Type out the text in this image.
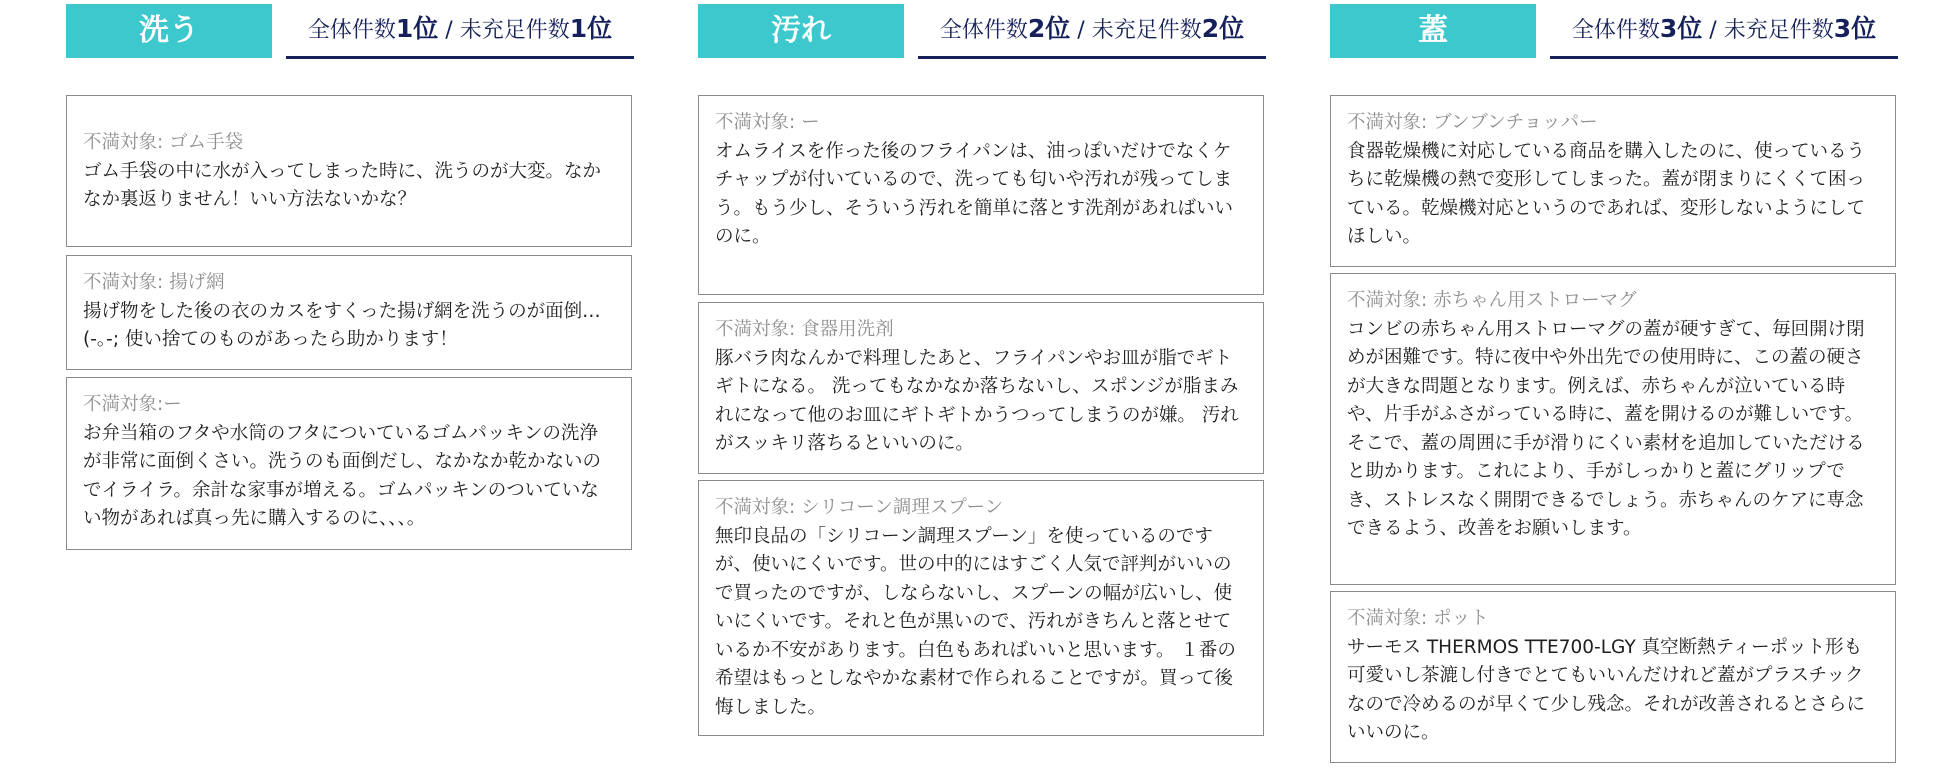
洗う	全体件数1位 / 未充足件数1位
不満対象: ゴム手袋
ゴム手袋の中に水が入ってしまった時に、洗うのが大変。なかなか裏返りません！いい方法ないかな？
不満対象: 揚げ網
揚げ物をした後の衣のカスをすくった揚げ網を洗うのが面倒…(-｡-; 使い捨てのものがあったら助かります！
不満対象:ー
お弁当箱のフタや水筒のフタについているゴムパッキンの洗浄が非常に面倒くさい。洗うのも面倒だし、なかなか乾かないのでイライラ。余計な家事が増える。ゴムパッキンのついていない物があれば真っ先に購入するのに、、、。
汚れ	全体件数2位 / 未充足件数2位
不満対象: ー
オムライスを作った後のフライパンは、油っぽいだけでなくケチャップが付いているので、洗っても匂いや汚れが残ってしまう。もう少し、そういう汚れを簡単に落とす洗剤があればいいのに。
不満対象: 食器用洗剤
豚バラ肉なんかで料理したあと、フライパンやお皿が脂でギトギトになる。 洗ってもなかなか落ちないし、スポンジが脂まみれになって他のお皿にギトギトかうつってしまうのが嫌。 汚れがスッキリ落ちるといいのに。
不満対象: シリコーン調理スプーン
無印良品の「シリコーン調理スプーン」を使っているのですが、使いにくいです。世の中的にはすごく人気で評判がいいので買ったのですが、しならないし、スプーンの幅が広いし、使いにくいです。それと色が黒いので、汚れがきちんと落とせているか不安があります。白色もあればいいと思います。 １番の希望はもっとしなやかな素材で作られることですが。買って後悔しました。
蓋	全体件数3位 / 未充足件数3位
不満対象: ブンブンチョッパー
食器乾燥機に対応している商品を購入したのに、使っているうちに乾燥機の熱で変形してしまった。蓋が閉まりにくくて困っている。乾燥機対応というのであれば、変形しないようにしてほしい。
不満対象: 赤ちゃん用ストローマグ
コンビの赤ちゃん用ストローマグの蓋が硬すぎて、毎回開け閉めが困難です。特に夜中や外出先での使用時に、この蓋の硬さが大きな問題となります。例えば、赤ちゃんが泣いている時や、片手がふさがっている時に、蓋を開けるのが難しいです。そこで、蓋の周囲に手が滑りにくい素材を追加していただけると助かります。これにより、手がしっかりと蓋にグリップでき、ストレスなく開閉できるでしょう。赤ちゃんのケアに専念できるよう、改善をお願いします。
不満対象: ポット
サーモス THERMOS TTE700-LGY 真空断熱ティーポット形も可愛いし茶漉し付きでとてもいいんだけれど蓋がプラスチックなので冷めるのが早くて少し残念。それが改善されるとさらにいいのに。
